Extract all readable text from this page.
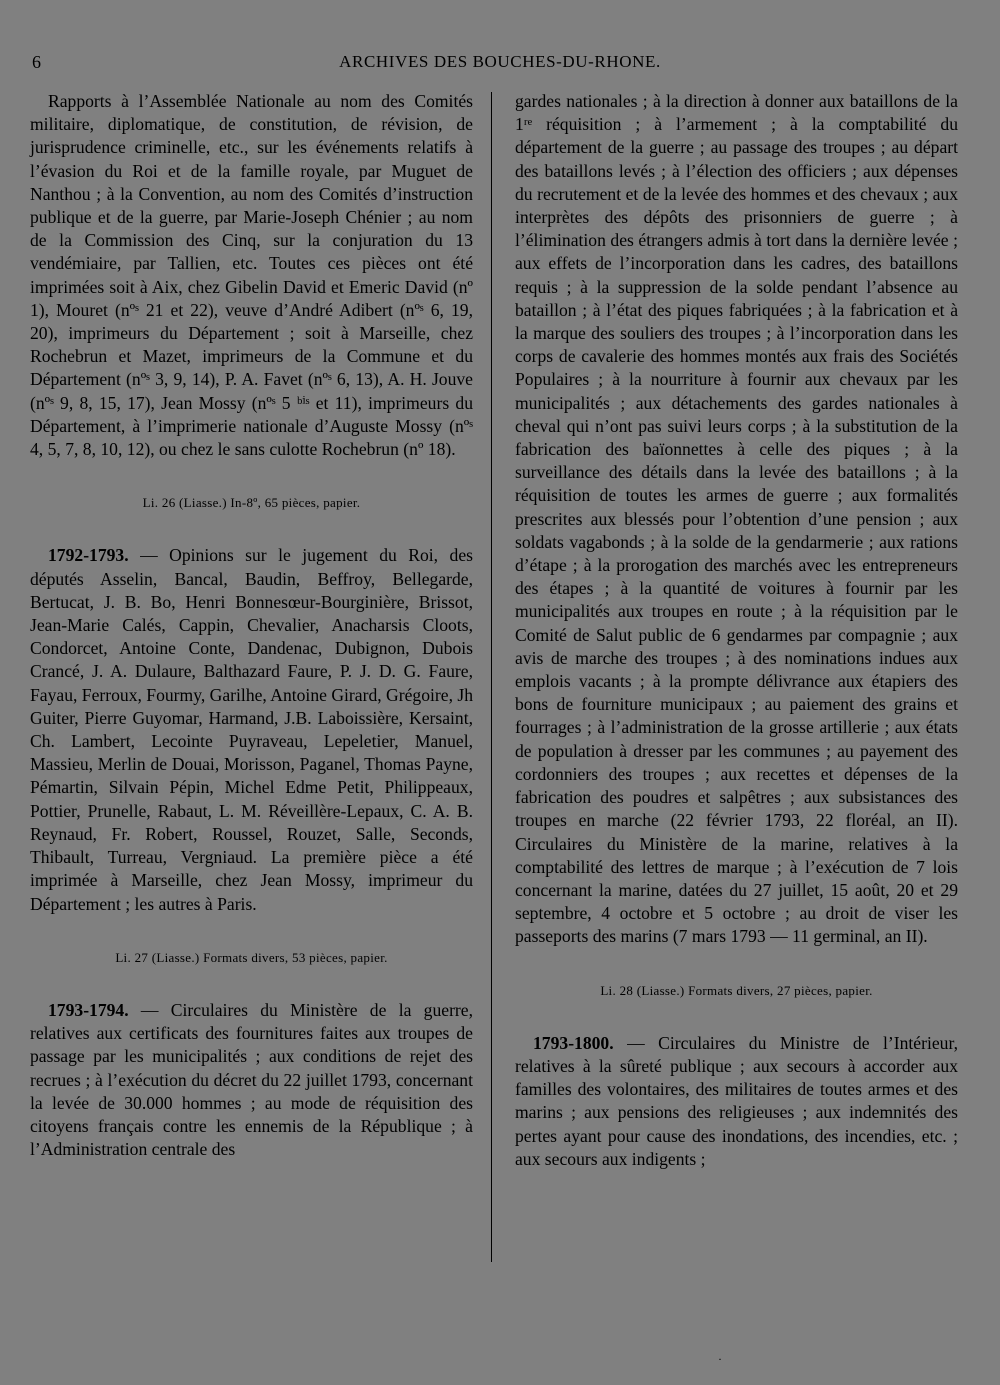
6	ARCHIVES DES BOUCHES-DU-RHONE.

Rapports à l’Assemblée Nationale au nom des Comités militaire, diplomatique, de constitution, de révision, de jurisprudence criminelle, etc., sur les événements relatifs à l’évasion du Roi et de la famille royale, par Muguet de Nanthou ; à la Convention, au nom des Comités d’instruction publique et de la guerre, par Marie-Joseph Chénier ; au nom de la Commission des Cinq, sur la conjuration du 13 vendémiaire, par Tallien, etc. Toutes ces pièces ont été imprimées soit à Aix, chez Gibelin David et Emeric David (nº 1), Mouret (nºˢ 21 et 22), veuve d’André Adibert (nºˢ 6, 19, 20), imprimeurs du Département ; soit à Marseille, chez Rochebrun et Mazet, imprimeurs de la Commune et du Département (nºˢ 3, 9, 14), P. A. Favet (nºˢ 6, 13), A. H. Jouve (nºˢ 9, 8, 15, 17), Jean Mossy (nºˢ 5 ᵇⁱˢ et 11), imprimeurs du Département, à l’imprimerie nationale d’Auguste Mossy (nºˢ 4, 5, 7, 8, 10, 12), ou chez le sans culotte Rochebrun (nº 18).

Li. 26 (Liasse.) In-8º, 65 pièces, papier.

1792-1793. — Opinions sur le jugement du Roi, des députés Asselin, Bancal, Baudin, Beffroy, Bellegarde, Bertucat, J. B. Bo, Henri Bonnesœur-Bourginière, Brissot, Jean-Marie Calés, Cappin, Chevalier, Anacharsis Cloots, Condorcet, Antoine Conte, Dandenac, Dubignon, Dubois Crancé, J. A. Dulaure, Balthazard Faure, P. J. D. G. Faure, Fayau, Ferroux, Fourmy, Garilhe, Antoine Girard, Grégoire, Jh Guiter, Pierre Guyomar, Harmand, J.B. Laboissière, Kersaint, Ch. Lambert, Lecointe Puyraveau, Lepeletier, Manuel, Massieu, Merlin de Douai, Morisson, Paganel, Thomas Payne, Pémartin, Silvain Pépin, Michel Edme Petit, Philippeaux, Pottier, Prunelle, Rabaut, L. M. Réveillère-Lepaux, C. A. B. Reynaud, Fr. Robert, Roussel, Rouzet, Salle, Seconds, Thibault, Turreau, Vergniaud. La première pièce a été imprimée à Marseille, chez Jean Mossy, imprimeur du Département ; les autres à Paris.

Li. 27 (Liasse.) Formats divers, 53 pièces, papier.

1793-1794. — Circulaires du Ministère de la guerre, relatives aux certificats des fournitures faites aux troupes de passage par les municipalités ; aux conditions de rejet des recrues ; à l’exécution du décret du 22 juillet 1793, concernant la levée de 30.000 hommes ; au mode de réquisition des citoyens français contre les ennemis de la République ; à l’Administration centrale des

gardes nationales ; à la direction à donner aux bataillons de la 1ʳᵉ réquisition ; à l’armement ; à la comptabilité du département de la guerre ; au passage des troupes ; au départ des bataillons levés ; à l’élection des officiers ; aux dépenses du recrutement et de la levée des hommes et des chevaux ; aux interprètes des dépôts des prisonniers de guerre ; à l’élimination des étrangers admis à tort dans la dernière levée ; aux effets de l’incorporation dans les cadres, des bataillons requis ; à la suppression de la solde pendant l’absence au bataillon ; à l’état des piques fabriquées ; à la fabrication et à la marque des souliers des troupes ; à l’incorporation dans les corps de cavalerie des hommes montés aux frais des Sociétés Populaires ; à la nourriture à fournir aux chevaux par les municipalités ; aux détachements des gardes nationales à cheval qui n’ont pas suivi leurs corps ; à la substitution de la fabrication des baïonnettes à celle des piques ; à la surveillance des détails dans la levée des bataillons ; à la réquisition de toutes les armes de guerre ; aux formalités prescrites aux blessés pour l’obtention d’une pension ; aux soldats vagabonds ; à la solde de la gendarmerie ; aux rations d’étape ; à la prorogation des marchés avec les entrepreneurs des étapes ; à la quantité de voitures à fournir par les municipalités aux troupes en route ; à la réquisition par le Comité de Salut public de 6 gendarmes par compagnie ; aux avis de marche des troupes ; à des nominations indues aux emplois vacants ; à la prompte délivrance aux étapiers des bons de fourniture municipaux ; au paiement des grains et fourrages ; à l’administration de la grosse artillerie ; aux états de population à dresser par les communes ; au payement des cordonniers des troupes ; aux recettes et dépenses de la fabrication des poudres et salpêtres ; aux subsistances des troupes en marche (22 février 1793, 22 floréal, an II). Circulaires du Ministère de la marine, relatives à la comptabilité des lettres de marque ; à l’exécution de 7 lois concernant la marine, datées du 27 juillet, 15 août, 20 et 29 septembre, 4 octobre et 5 octobre ; au droit de viser les passeports des marins (7 mars 1793 — 11 germinal, an II).

Li. 28 (Liasse.) Formats divers, 27 pièces, papier.

1793-1800. — Circulaires du Ministre de l’Intérieur, relatives à la sûreté publique ; aux secours à accorder aux familles des volontaires, des militaires de toutes armes et des marins ; aux pensions des religieuses ; aux indemnités des pertes ayant pour cause des inondations, des incendies, etc. ; aux secours aux indigents ;

·
